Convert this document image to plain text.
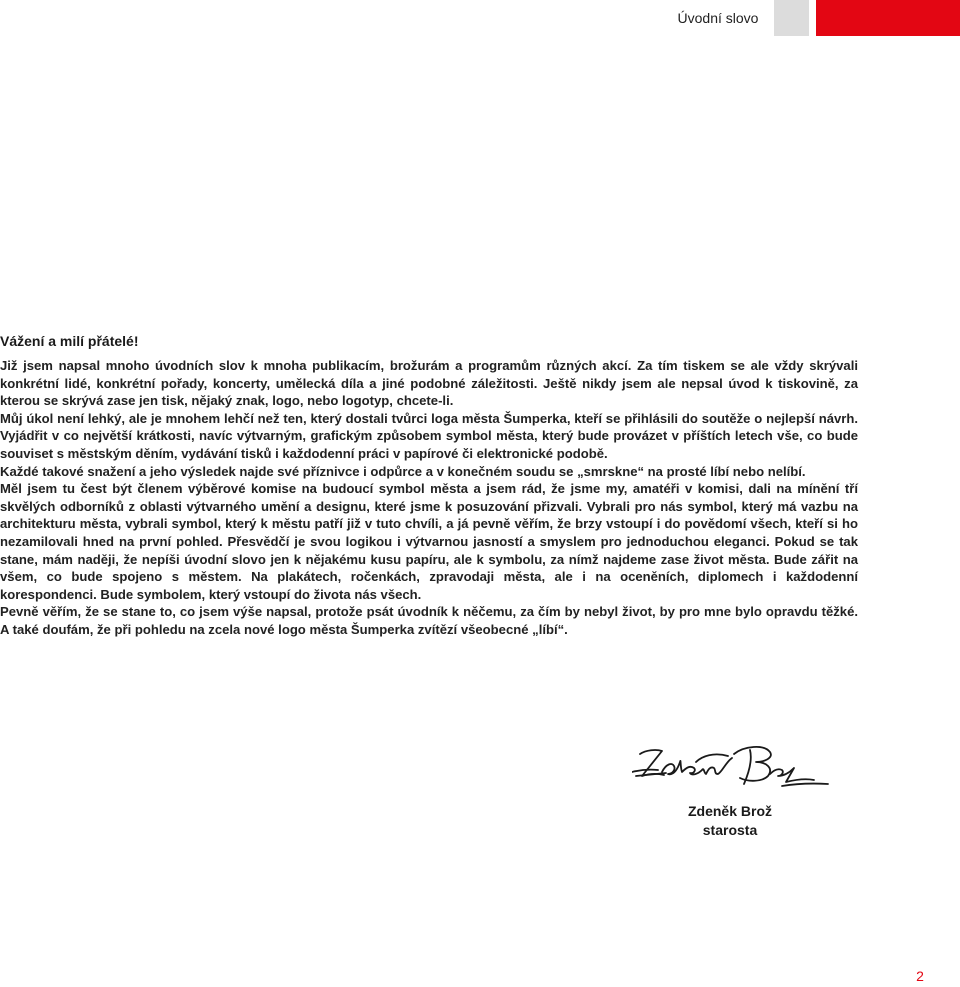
Úvodní slovo
Vážení a milí přátelé!

Již jsem napsal mnoho úvodních slov k mnoha publikacím, brožurám a programům různých akcí. Za tím tiskem se ale vždy skrývali konkrétní lidé, konkrétní pořady, koncerty, umělecká díla a jiné podobné záležitosti. Ještě nikdy jsem ale nepsal úvod k tiskovině, za kterou se skrývá zase jen tisk, nějaký znak, logo, nebo logotyp, chcete-li.

Můj úkol není lehký, ale je mnohem lehčí než ten, který dostali tvůrci loga města Šumperka, kteří se přihlásili do soutěže o nejlepší návrh. Vyjádřit v co největší krátkosti, navíc výtvarným, grafickým způsobem symbol města, který bude provázet v příštích letech vše, co bude souviset s městským děním, vydávání tisků i každodenní práci v papírové či elektronické podobě.

Každé takové snažení a jeho výsledek najde své příznivce i odpůrce a v konečném soudu se „smrskne“ na prosté líbí nebo nelíbí.

Měl jsem tu čest být členem výběrové komise na budoucí symbol města a jsem rád, že jsme my, amatéři v komisi, dali na mínění tří skvělých odborníků z oblasti výtvarného umění a designu, které jsme k posuzování přizvali. Vybrali pro nás symbol, který má vazbu na architekturu města, vybrali symbol, který k městu patří již v tuto chvíli, a já pevně věřím, že brzy vstoupí i do povědomí všech, kteří si ho nezamilovali hned na první pohled. Přesvědčí je svou logikou i výtvarnou jasností a smyslem pro jednoduchou eleganci. Pokud se tak stane, mám naději, že nepíši úvodní slovo jen k nějakému kusu papíru, ale k symbolu, za nímž najdeme zase život města. Bude zářit na všem, co bude spojeno s městem. Na plakátech, ročenkách, zpravodaji města, ale i na oceněních, diplomech i každodenní korespondenci. Bude symbolem, který vstoupí do života nás všech.

Pevně věřím, že se stane to, co jsem výše napsal, protože psát úvodník k něčemu, za čím by nebyl život, by pro mne bylo opravdu těžké. A také doufám, že při pohledu na zcela nové logo města Šumperka zvítězí všeobecné „líbí“.

Zdeněk Brož
starosta
2
